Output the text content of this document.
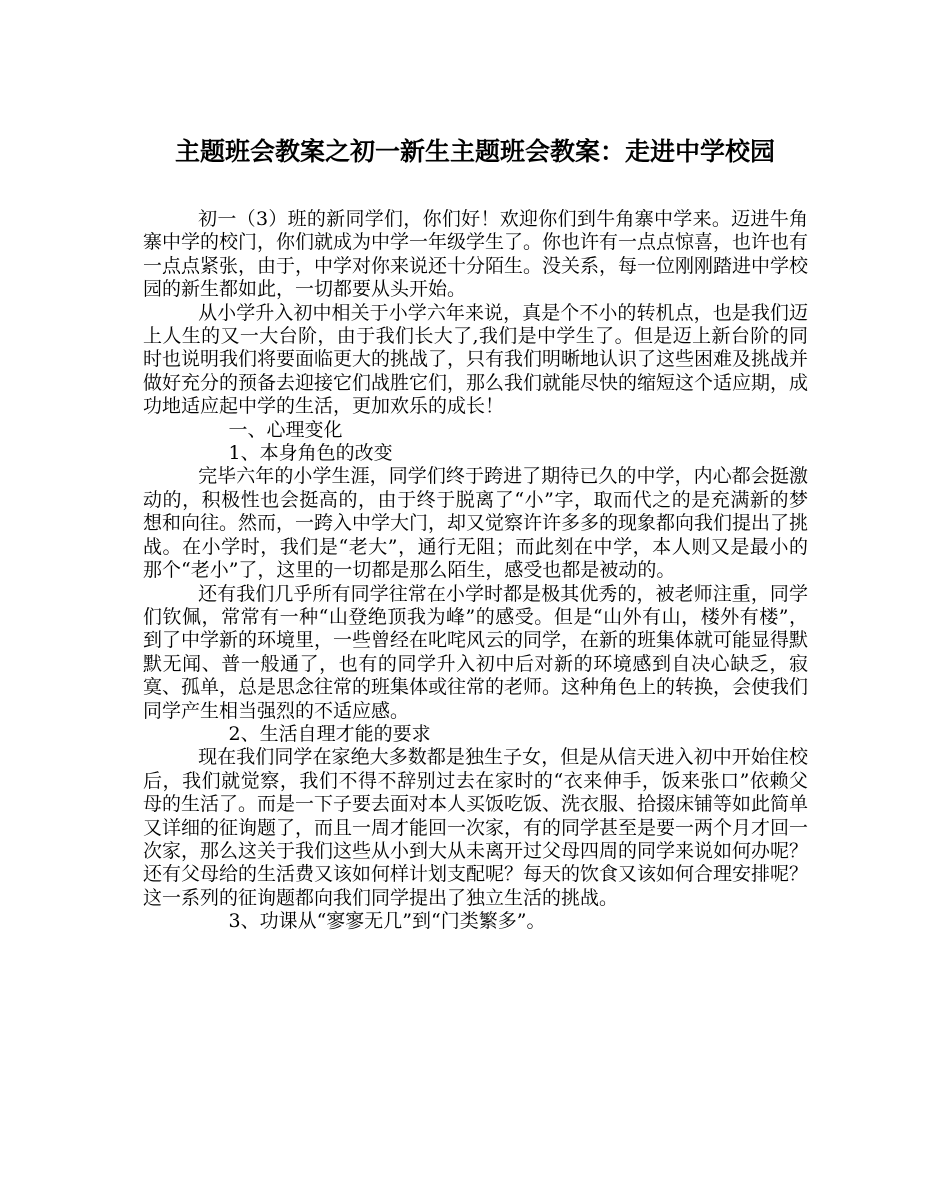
主题班会教案之初一新生主题班会教案：走进中学校园

初一（3）班的新同学们，你们好！欢迎你们到牛角寨中学来。迈进牛角寨中学的校门，你们就成为中学一年级学生了。你也许有一点点惊喜，也许也有一点点紧张，由于，中学对你来说还十分陌生。没关系，每一位刚刚踏进中学校园的新生都如此，一切都要从头开始。

从小学升入初中相关于小学六年来说，真是个不小的转机点，也是我们迈上人生的又一大台阶，由于我们长大了,我们是中学生了。但是迈上新台阶的同时也说明我们将要面临更大的挑战了，只有我们明晰地认识了这些困难及挑战并做好充分的预备去迎接它们战胜它们，那么我们就能尽快的缩短这个适应期，成功地适应起中学的生活，更加欢乐的成长！

一、心理变化

1、本身角色的改变

完毕六年的小学生涯，同学们终于跨进了期待已久的中学，内心都会挺激动的，积极性也会挺高的，由于终于脱离了“小”字，取而代之的是充满新的梦想和向往。然而，一跨入中学大门，却又觉察许许多多的现象都向我们提出了挑战。在小学时，我们是“老大”，通行无阻；而此刻在中学，本人则又是最小的那个“老小”了，这里的一切都是那么陌生，感受也都是被动的。

还有我们几乎所有同学往常在小学时都是极其优秀的，被老师注重，同学们钦佩，常常有一种“山登绝顶我为峰”的感受。但是“山外有山，楼外有楼”，到了中学新的环境里，一些曾经在叱咤风云的同学，在新的班集体就可能显得默默无闻、普一般通了，也有的同学升入初中后对新的环境感到自决心缺乏，寂寞、孤单，总是思念往常的班集体或往常的老师。这种角色上的转换，会使我们同学产生相当强烈的不适应感。

2、生活自理才能的要求

现在我们同学在家绝大多数都是独生子女，但是从信天进入初中开始住校后，我们就觉察，我们不得不辞别过去在家时的“衣来伸手，饭来张口”依赖父母的生活了。而是一下子要去面对本人买饭吃饭、洗衣服、拾掇床铺等如此简单又详细的征询题了，而且一周才能回一次家，有的同学甚至是要一两个月才回一次家，那么这关于我们这些从小到大从未离开过父母四周的同学来说如何办呢？还有父母给的生活费又该如何样计划支配呢？每天的饮食又该如何合理安排呢？这一系列的征询题都向我们同学提出了独立生活的挑战。

3、功课从“寥寥无几”到“门类繁多”。
